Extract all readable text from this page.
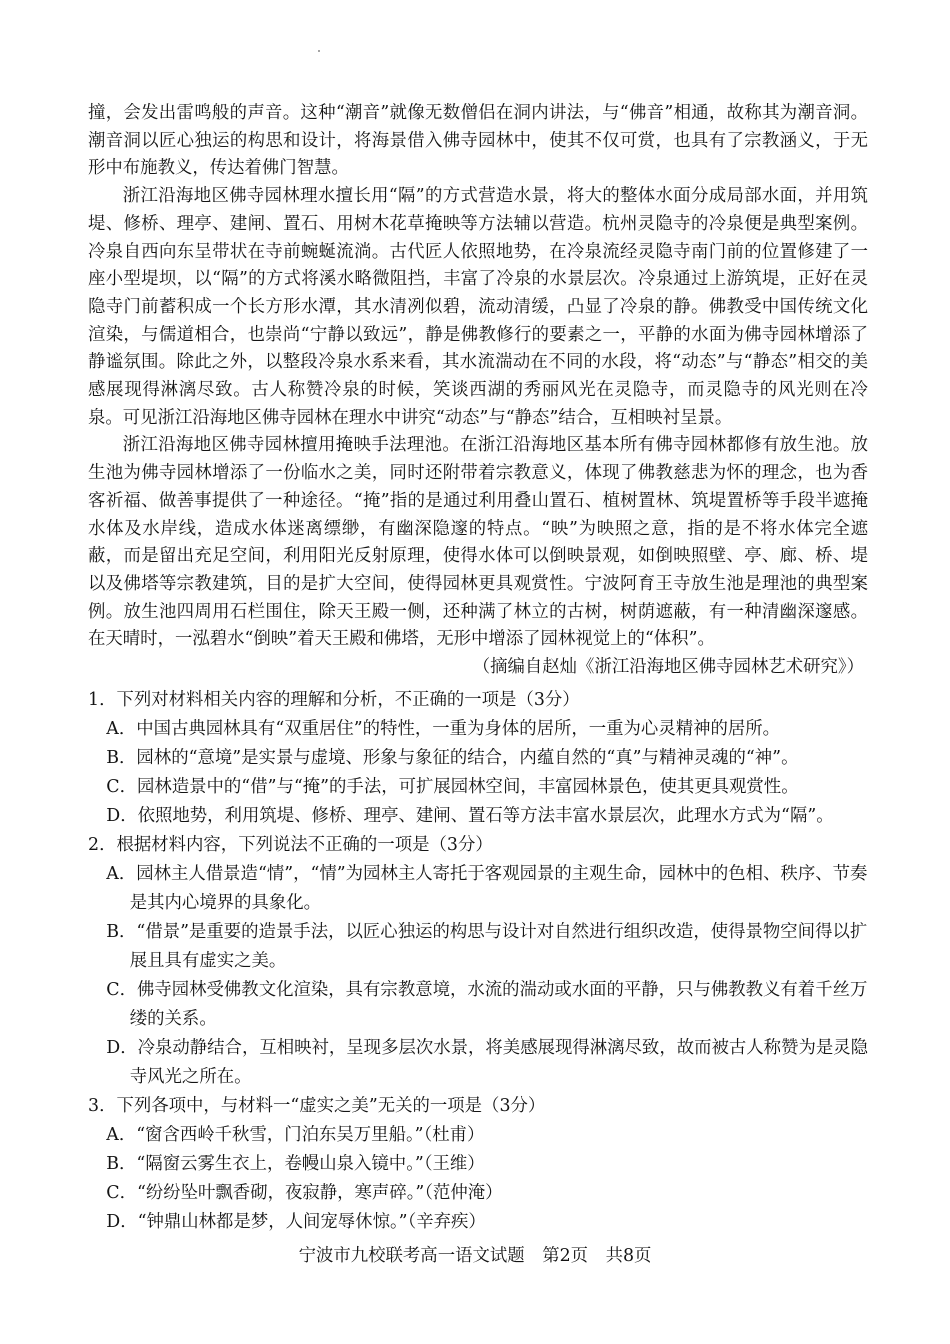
撞，会发出雷鸣般的声音。这种“潮音”就像无数僧侣在洞内讲法，与“佛音”相通，故称其为潮音洞。潮音洞以匠心独运的构思和设计，将海景借入佛寺园林中，使其不仅可赏，也具有了宗教涵义，于无形中布施教义，传达着佛门智慧。

浙江沿海地区佛寺园林理水擅长用“隔”的方式营造水景，将大的整体水面分成局部水面，并用筑堤、修桥、理亭、建闸、置石、用树木花草掩映等方法辅以营造。杭州灵隐寺的冷泉便是典型案例。冷泉自西向东呈带状在寺前蜿蜒流淌。古代匠人依照地势，在冷泉流经灵隐寺南门前的位置修建了一座小型堤坝，以“隔”的方式将溪水略微阻挡，丰富了冷泉的水景层次。冷泉通过上游筑堤，正好在灵隐寺门前蓄积成一个长方形水潭，其水清冽似碧，流动清缓，凸显了冷泉的静。佛教受中国传统文化渲染，与儒道相合，也崇尚“宁静以致远”，静是佛教修行的要素之一，平静的水面为佛寺园林增添了静谧氛围。除此之外，以整段冷泉水系来看，其水流湍动在不同的水段，将“动态”与“静态”相交的美感展现得淋漓尽致。古人称赞冷泉的时候，笑谈西湖的秀丽风光在灵隐寺，而灵隐寺的风光则在冷泉。可见浙江沿海地区佛寺园林在理水中讲究“动态”与“静态”结合，互相映衬呈景。

浙江沿海地区佛寺园林擅用掩映手法理池。在浙江沿海地区基本所有佛寺园林都修有放生池。放生池为佛寺园林增添了一份临水之美，同时还附带着宗教意义，体现了佛教慈悲为怀的理念，也为香客祈福、做善事提供了一种途径。“掩”指的是通过利用叠山置石、植树置林、筑堤置桥等手段半遮掩水体及水岸线，造成水体迷离缥缈，有幽深隐邃的特点。“映”为映照之意，指的是不将水体完全遮蔽，而是留出充足空间，利用阳光反射原理，使得水体可以倒映景观，如倒映照壁、亭、廊、桥、堤以及佛塔等宗教建筑，目的是扩大空间，使得园林更具观赏性。宁波阿育王寺放生池是理池的典型案例。放生池四周用石栏围住，除天王殿一侧，还种满了林立的古树，树荫遮蔽，有一种清幽深邃感。在天晴时，一泓碧水“倒映”着天王殿和佛塔，无形中增添了园林视觉上的“体积”。

（摘编自赵灿《浙江沿海地区佛寺园林艺术研究》）

1．下列对材料相关内容的理解和分析，不正确的一项是（3分）

A．中国古典园林具有“双重居住”的特性，一重为身体的居所，一重为心灵精神的居所。

B．园林的“意境”是实景与虚境、形象与象征的结合，内蕴自然的“真”与精神灵魂的“神”。

C．园林造景中的“借”与“掩”的手法，可扩展园林空间，丰富园林景色，使其更具观赏性。

D．依照地势，利用筑堤、修桥、理亭、建闸、置石等方法丰富水景层次，此理水方式为“隔”。

2．根据材料内容，下列说法不正确的一项是（3分）

A．园林主人借景造“情”，“情”为园林主人寄托于客观园景的主观生命，园林中的色相、秩序、节奏是其内心境界的具象化。

B．“借景”是重要的造景手法，以匠心独运的构思与设计对自然进行组织改造，使得景物空间得以扩展且具有虚实之美。

C．佛寺园林受佛教文化渲染，具有宗教意境，水流的湍动或水面的平静，只与佛教教义有着千丝万缕的关系。

D．冷泉动静结合，互相映衬，呈现多层次水景，将美感展现得淋漓尽致，故而被古人称赞为是灵隐寺风光之所在。

3．下列各项中，与材料一“虚实之美”无关的一项是（3分）

A．“窗含西岭千秋雪，门泊东吴万里船。”（杜甫）

B．“隔窗云雾生衣上，卷幔山泉入镜中。”（王维）

C．“纷纷坠叶飘香砌，夜寂静，寒声碎。”（范仲淹）

D．“钟鼎山林都是梦，人间宠辱休惊。”（辛弃疾）

宁波市九校联考高一语文试题 第2页 共8页
